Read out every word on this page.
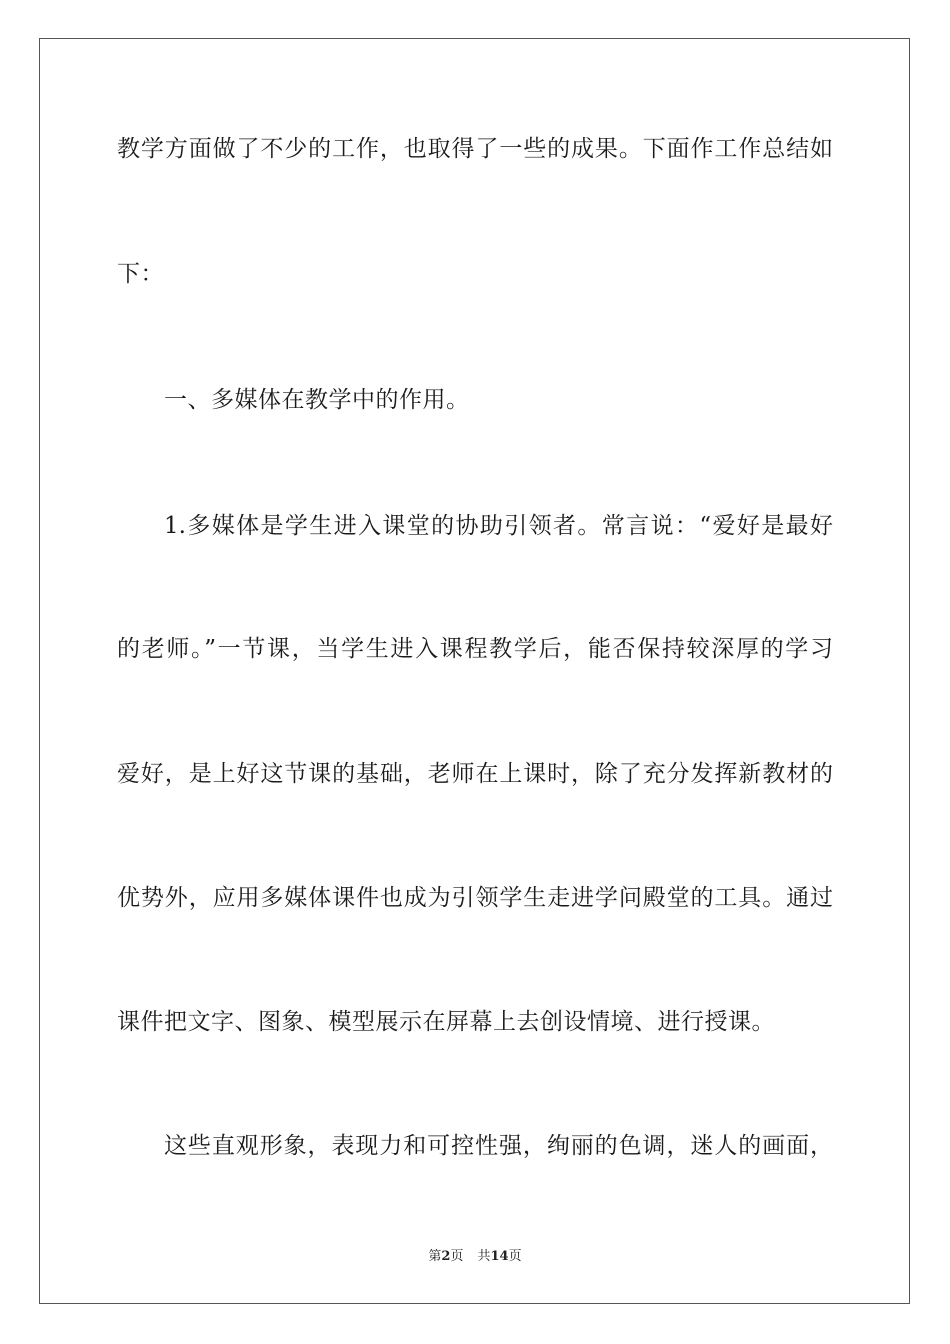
教学方面做了不少的工作，也取得了一些的成果。下面作工作总结如
下：
一、多媒体在教学中的作用。
1.多媒体是学生进入课堂的协助引领者。常言说：“爱好是最好
的老师。”一节课，当学生进入课程教学后，能否保持较深厚的学习
爱好，是上好这节课的基础，老师在上课时，除了充分发挥新教材的
优势外，应用多媒体课件也成为引领学生走进学问殿堂的工具。通过
课件把文字、图象、模型展示在屏幕上去创设情境、进行授课。
这些直观形象，表现力和可控性强，绚丽的色调，迷人的画面，
第2页 共14页
